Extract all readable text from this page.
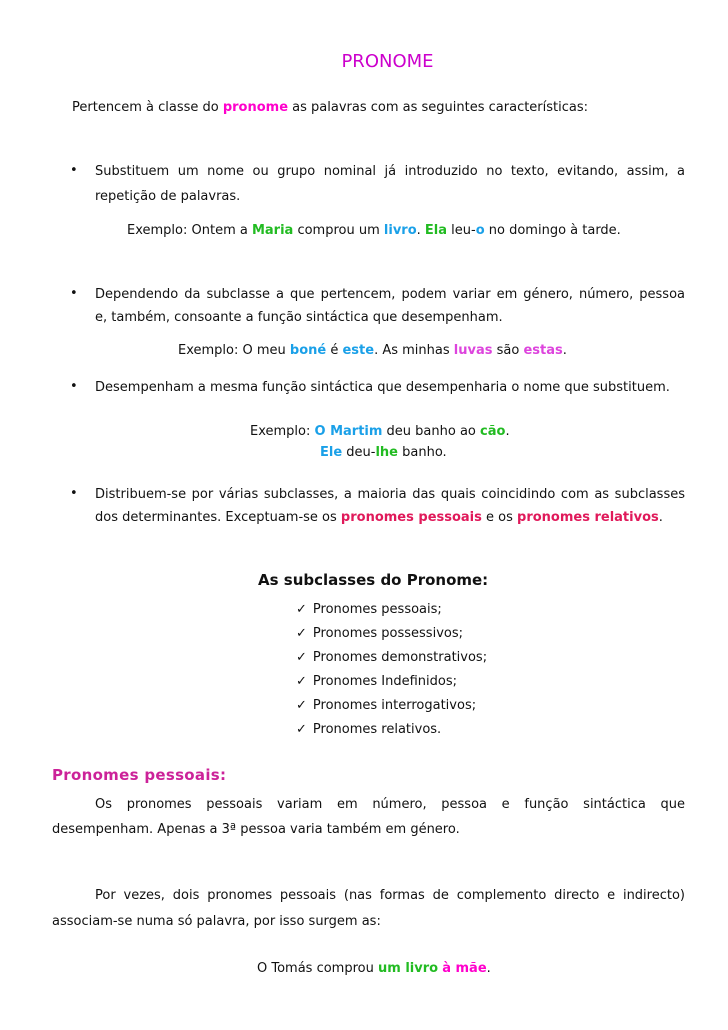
PRONOME
Pertencem à classe do pronome as palavras com as seguintes características:
• Substituem um nome ou grupo nominal já introduzido no texto, evitando, assim, a
repetição de palavras.
Exemplo: Ontem a Maria comprou um livro. Ela leu-o no domingo à tarde.
• Dependendo da subclasse a que pertencem, podem variar em género, número, pessoa
e, também, consoante a função sintáctica que desempenham.
Exemplo: O meu boné é este. As minhas luvas são estas.
• Desempenham a mesma função sintáctica que desempenharia o nome que substituem.
Exemplo: O Martim deu banho ao cão.
Ele deu-lhe banho.
• Distribuem-se por várias subclasses, a maioria das quais coincidindo com as subclasses
dos determinantes. Exceptuam-se os pronomes pessoais e os pronomes relativos.
As subclasses do Pronome:
✓ Pronomes pessoais;
✓ Pronomes possessivos;
✓ Pronomes demonstrativos;
✓ Pronomes Indefinidos;
✓ Pronomes interrogativos;
✓ Pronomes relativos.
Pronomes pessoais:
Os pronomes pessoais variam em número, pessoa e função sintáctica que
desempenham. Apenas a 3ª pessoa varia também em género.
Por vezes, dois pronomes pessoais (nas formas de complemento directo e indirecto)
associam-se numa só palavra, por isso surgem as:
O Tomás comprou um livro à mãe.
